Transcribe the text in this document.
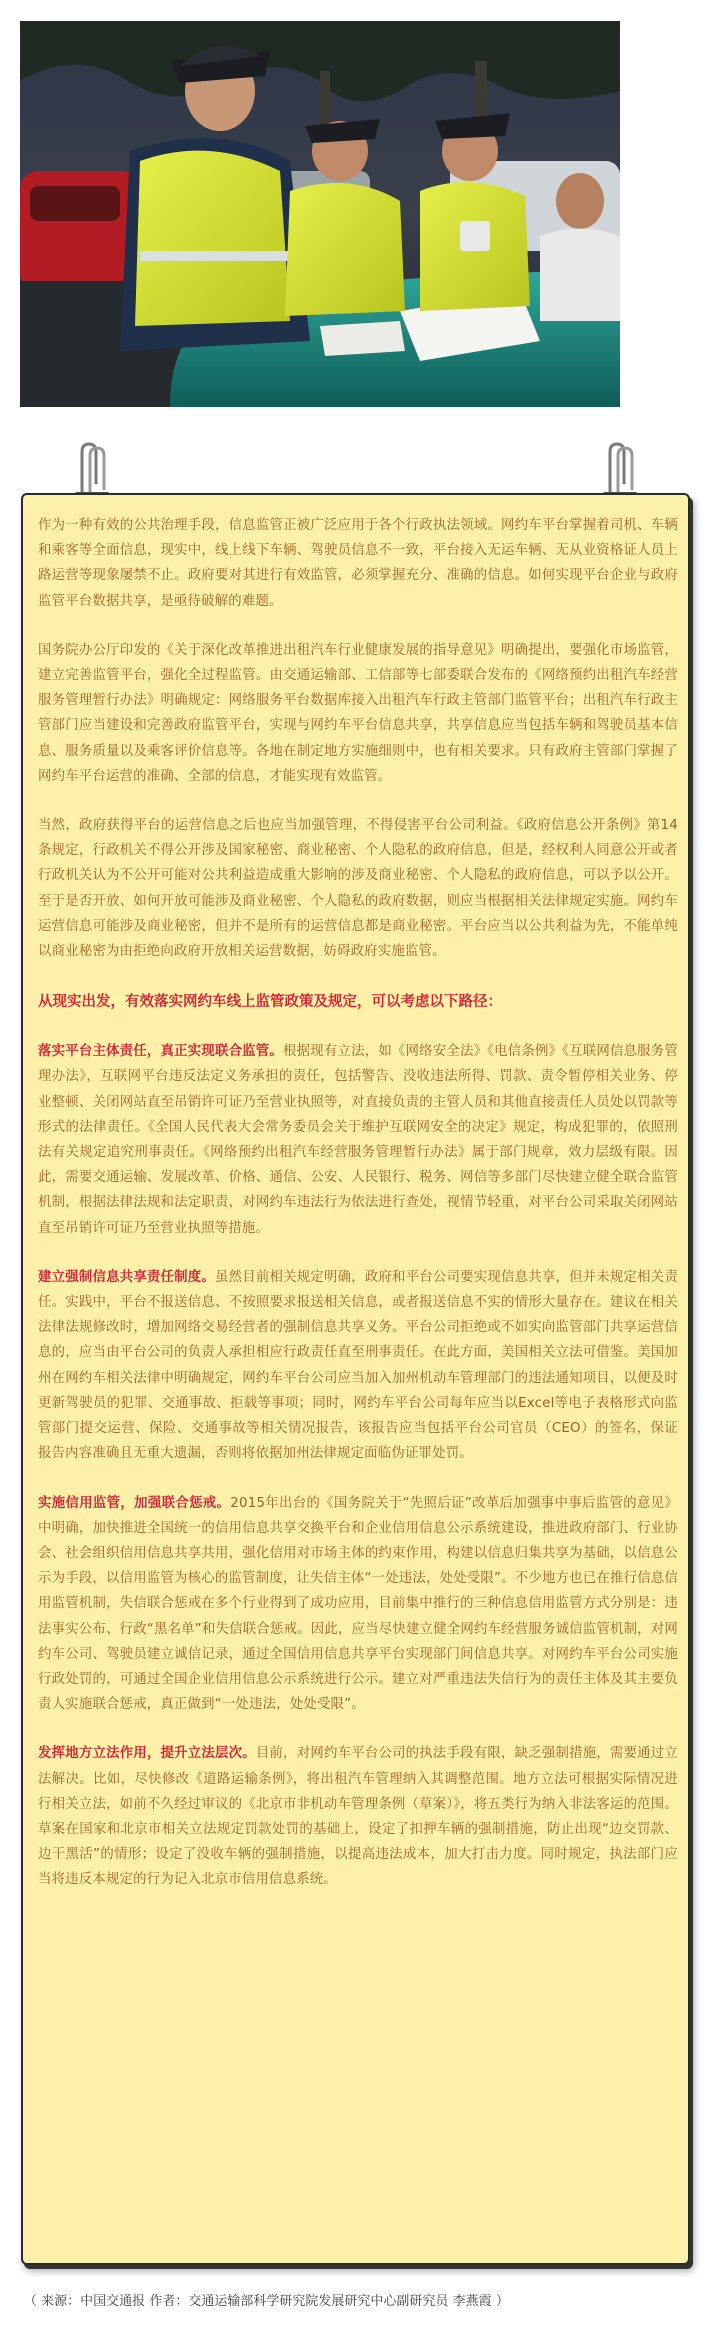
作为一种有效的公共治理手段，信息监管正被广泛应用于各个行政执法领域。网约车平台掌握着司机、车辆和乘客等全面信息，现实中，线上线下车辆、驾驶员信息不一致，平台接入无运车辆、无从业资格证人员上路运营等现象屡禁不止。政府要对其进行有效监管，必须掌握充分、准确的信息。如何实现平台企业与政府监管平台数据共享，是亟待破解的难题。

国务院办公厅印发的《关于深化改革推进出租汽车行业健康发展的指导意见》明确提出，要强化市场监管，建立完善监管平台，强化全过程监管。由交通运输部、工信部等七部委联合发布的《网络预约出租汽车经营服务管理暂行办法》明确规定：网络服务平台数据库接入出租汽车行政主管部门监管平台；出租汽车行政主管部门应当建设和完善政府监管平台，实现与网约车平台信息共享，共享信息应当包括车辆和驾驶员基本信息、服务质量以及乘客评价信息等。各地在制定地方实施细则中，也有相关要求。只有政府主管部门掌握了网约车平台运营的准确、全部的信息，才能实现有效监管。

当然，政府获得平台的运营信息之后也应当加强管理，不得侵害平台公司利益。《政府信息公开条例》第14条规定，行政机关不得公开涉及国家秘密、商业秘密、个人隐私的政府信息，但是，经权利人同意公开或者行政机关认为不公开可能对公共利益造成重大影响的涉及商业秘密、个人隐私的政府信息，可以予以公开。至于是否开放、如何开放可能涉及商业秘密、个人隐私的政府数据，则应当根据相关法律规定实施。网约车运营信息可能涉及商业秘密，但并不是所有的运营信息都是商业秘密。平台应当以公共利益为先，不能单纯以商业秘密为由拒绝向政府开放相关运营数据，妨碍政府实施监管。

从现实出发，有效落实网约车线上监管政策及规定，可以考虑以下路径：

落实平台主体责任，真正实现联合监管。根据现有立法，如《网络安全法》《电信条例》《互联网信息服务管理办法》，互联网平台违反法定义务承担的责任，包括警告、没收违法所得、罚款、责令暂停相关业务、停业整顿、关闭网站直至吊销许可证乃至营业执照等，对直接负责的主管人员和其他直接责任人员处以罚款等形式的法律责任。《全国人民代表大会常务委员会关于维护互联网安全的决定》规定，构成犯罪的，依照刑法有关规定追究刑事责任。《网络预约出租汽车经营服务管理暂行办法》属于部门规章，效力层级有限。因此，需要交通运输、发展改革、价格、通信、公安、人民银行、税务、网信等多部门尽快建立健全联合监管机制，根据法律法规和法定职责，对网约车违法行为依法进行查处，视情节轻重，对平台公司采取关闭网站直至吊销许可证乃至营业执照等措施。

建立强制信息共享责任制度。虽然目前相关规定明确，政府和平台公司要实现信息共享，但并未规定相关责任。实践中，平台不报送信息、不按照要求报送相关信息，或者报送信息不实的情形大量存在。建议在相关法律法规修改时，增加网络交易经营者的强制信息共享义务。平台公司拒绝或不如实向监管部门共享运营信息的，应当由平台公司的负责人承担相应行政责任直至刑事责任。在此方面，美国相关立法可借鉴。美国加州在网约车相关法律中明确规定，网约车平台公司应当加入加州机动车管理部门的违法通知项目，以便及时更新驾驶员的犯罪、交通事故、拒载等事项；同时，网约车平台公司每年应当以Excel等电子表格形式向监管部门提交运营、保险、交通事故等相关情况报告，该报告应当包括平台公司官员（CEO）的签名，保证报告内容准确且无重大遗漏，否则将依据加州法律规定面临伪证罪处罚。

实施信用监管，加强联合惩戒。2015年出台的《国务院关于“先照后证”改革后加强事中事后监管的意见》中明确，加快推进全国统一的信用信息共享交换平台和企业信用信息公示系统建设，推进政府部门、行业协会、社会组织信用信息共享共用，强化信用对市场主体的约束作用，构建以信息归集共享为基础，以信息公示为手段，以信用监管为核心的监管制度，让失信主体“一处违法，处处受限”。不少地方也已在推行信息信用监管机制，失信联合惩戒在多个行业得到了成功应用，目前集中推行的三种信息信用监管方式分别是：违法事实公布、行政“黑名单”和失信联合惩戒。因此，应当尽快建立健全网约车经营服务诚信监管机制，对网约车公司、驾驶员建立诚信记录，通过全国信用信息共享平台实现部门间信息共享。对网约车平台公司实施行政处罚的，可通过全国企业信用信息公示系统进行公示。建立对严重违法失信行为的责任主体及其主要负责人实施联合惩戒，真正做到“一处违法，处处受限”。

发挥地方立法作用，提升立法层次。目前，对网约车平台公司的执法手段有限，缺乏强制措施，需要通过立法解决。比如，尽快修改《道路运输条例》，将出租汽车管理纳入其调整范围。地方立法可根据实际情况进行相关立法，如前不久经过审议的《北京市非机动车管理条例（草案）》，将五类行为纳入非法客运的范围。草案在国家和北京市相关立法规定罚款处罚的基础上，设定了扣押车辆的强制措施，防止出现“边交罚款、边干黑活”的情形；设定了没收车辆的强制措施，以提高违法成本，加大打击力度。同时规定，执法部门应当将违反本规定的行为记入北京市信用信息系统。

（ 来源：中国交通报 作者：交通运输部科学研究院发展研究中心副研究员 李燕霞 ）
